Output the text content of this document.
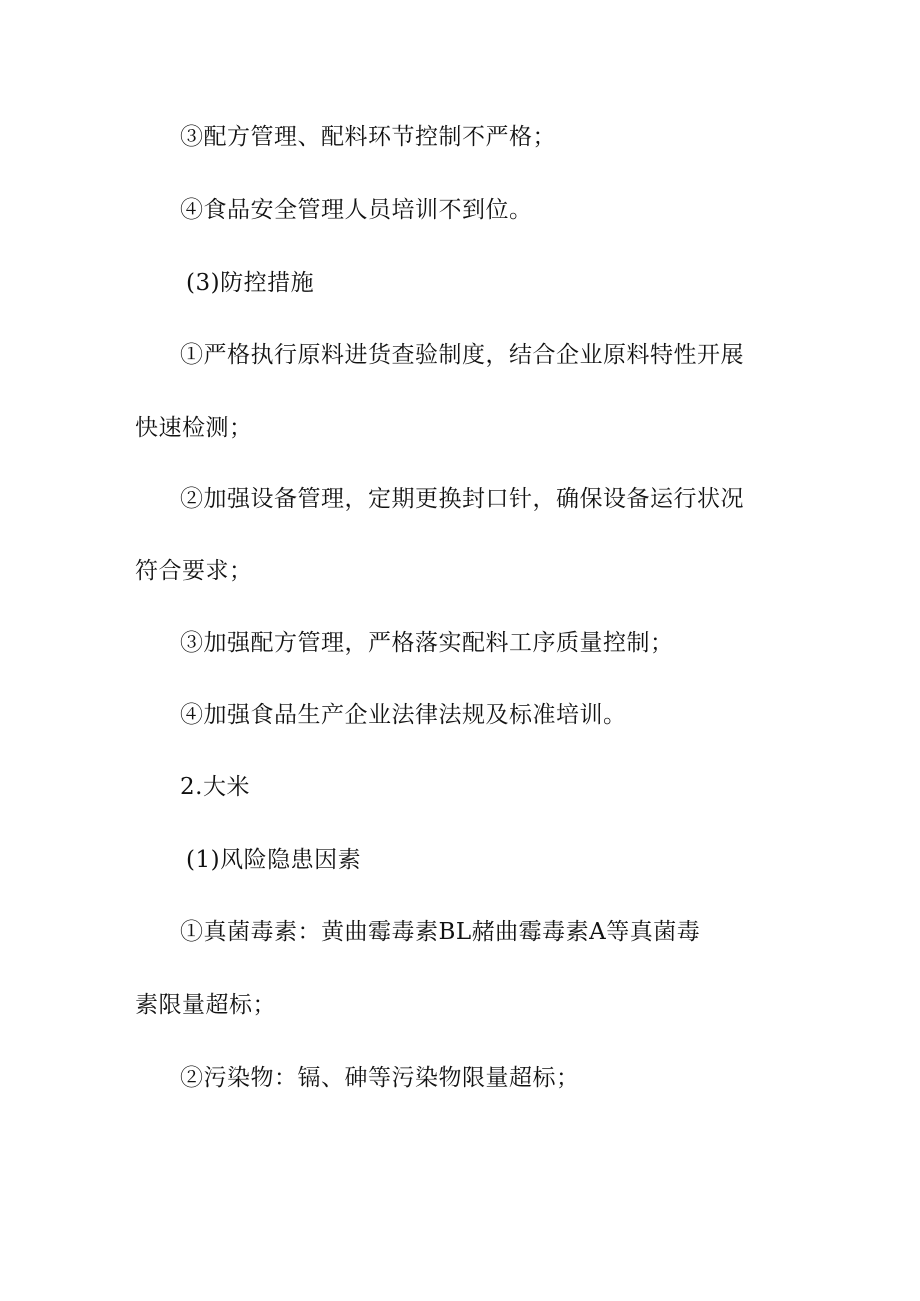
③配方管理、配料环节控制不严格；
④食品安全管理人员培训不到位。
(3)防控措施
①严格执行原料进货查验制度，结合企业原料特性开展
快速检测；
②加强设备管理，定期更换封口针，确保设备运行状况
符合要求；
③加强配方管理，严格落实配料工序质量控制；
④加强食品生产企业法律法规及标准培训。
2.大米
(1)风险隐患因素
①真菌毒素：黄曲霉毒素BL赭曲霉毒素A等真菌毒
素限量超标；
②污染物：镉、砷等污染物限量超标；
